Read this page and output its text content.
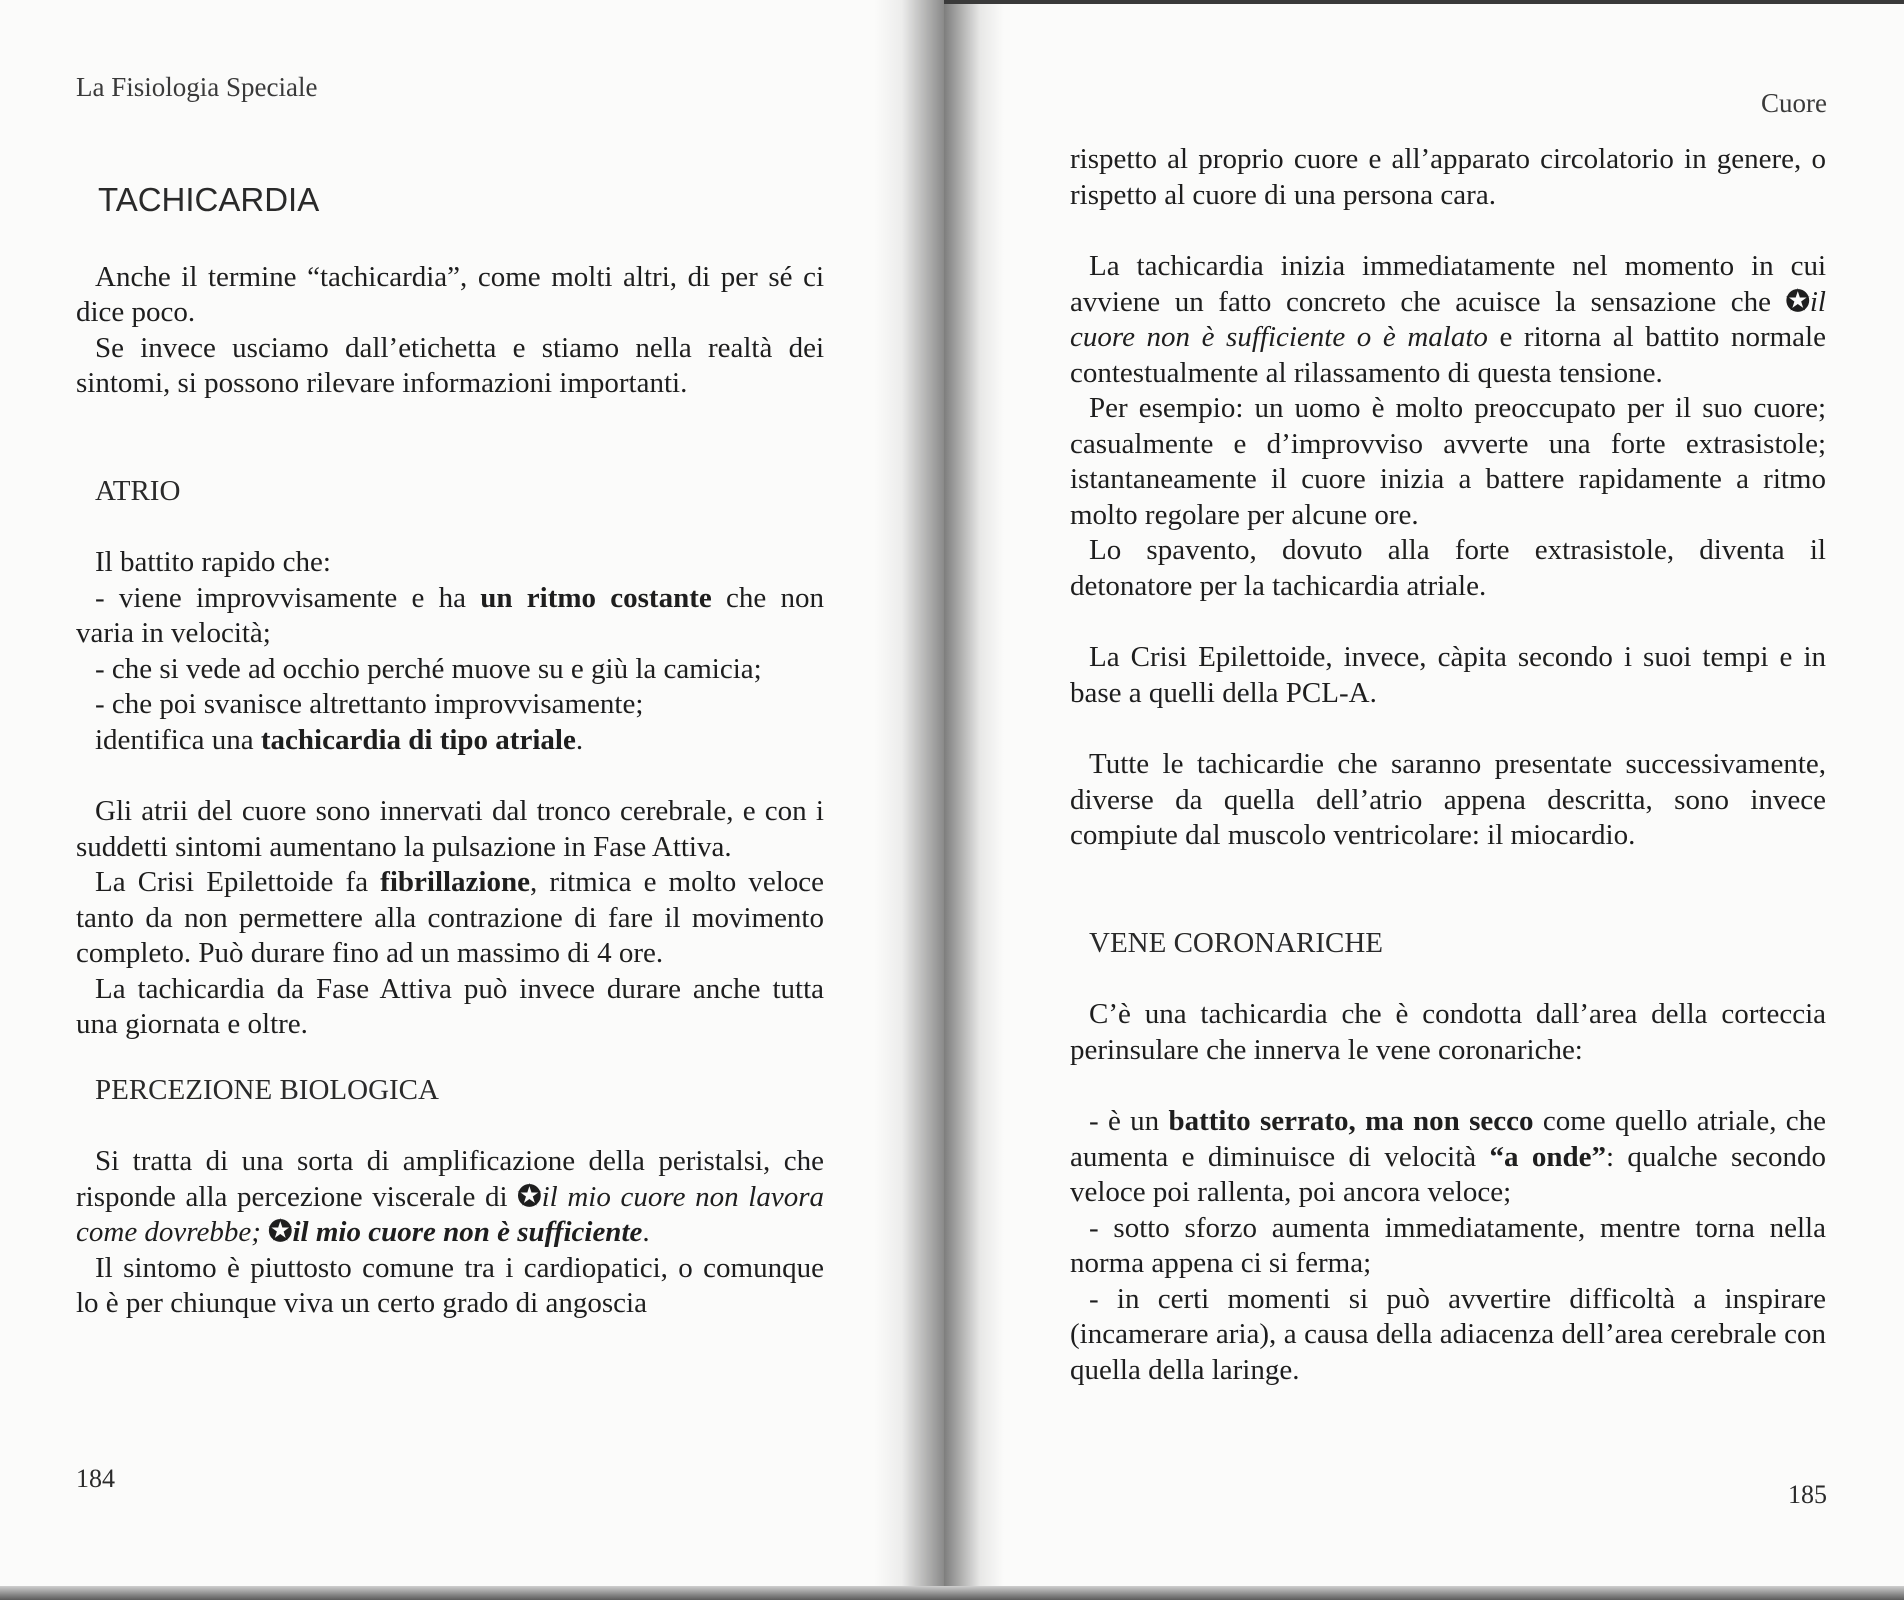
La Fisiologia Speciale
TACHICARDIA

Anche il termine “tachicardia”, come molti altri, di per sé ci dice poco.

Se invece usciamo dall’etichetta e stiamo nella realtà dei sintomi, si possono rilevare informazioni importanti.

ATRIO

Il battito rapido che:

- viene improvvisamente e ha un ritmo costante che non varia in velocità;

- che si vede ad occhio perché muove su e giù la camicia;

- che poi svanisce altrettanto improvvisamente;

identifica una tachicardia di tipo atriale.

Gli atrii del cuore sono innervati dal tronco cerebrale, e con i suddetti sintomi aumentano la pulsazione in Fase Attiva.

La Crisi Epilettoide fa fibrillazione, ritmica e molto veloce tanto da non permettere alla contrazione di fare il movimento completo. Può durare fino ad un massimo di 4 ore.

La tachicardia da Fase Attiva può invece durare anche tutta una giornata e oltre.

PERCEZIONE BIOLOGICA

Si tratta di una sorta di amplificazione della peristalsi, che risponde alla percezione viscerale di ✪il mio cuore non lavora come dovrebbe; ✪il mio cuore non è sufficiente.

Il sintomo è piuttosto comune tra i cardiopatici, o comunque lo è per chiunque viva un certo grado di angoscia

184
Cuore

rispetto al proprio cuore e all’apparato circolatorio in genere, o rispetto al cuore di una persona cara.

La tachicardia inizia immediatamente nel momento in cui avviene un fatto concreto che acuisce la sensazione che ✪il cuore non è sufficiente o è malato e ritorna al battito normale contestualmente al rilassamento di questa tensione.

Per esempio: un uomo è molto preoccupato per il suo cuore; casualmente e d’improvviso avverte una forte extrasistole; istantaneamente il cuore inizia a battere rapidamente a ritmo molto regolare per alcune ore.

Lo spavento, dovuto alla forte extrasistole, diventa il detonatore per la tachicardia atriale.

La Crisi Epilettoide, invece, càpita secondo i suoi tempi e in base a quelli della PCL-A.

Tutte le tachicardie che saranno presentate successivamente, diverse da quella dell’atrio appena descritta, sono invece compiute dal muscolo ventricolare: il miocardio.

VENE CORONARICHE

C’è una tachicardia che è condotta dall’area della corteccia perinsulare che innerva le vene coronariche:

- è un battito serrato, ma non secco come quello atriale, che aumenta e diminuisce di velocità “a onde”: qualche secondo veloce poi rallenta, poi ancora veloce;

- sotto sforzo aumenta immediatamente, mentre torna nella norma appena ci si ferma;

- in certi momenti si può avvertire difficoltà a inspirare (incamerare aria), a causa della adiacenza dell’area cerebrale con quella della laringe.

185
